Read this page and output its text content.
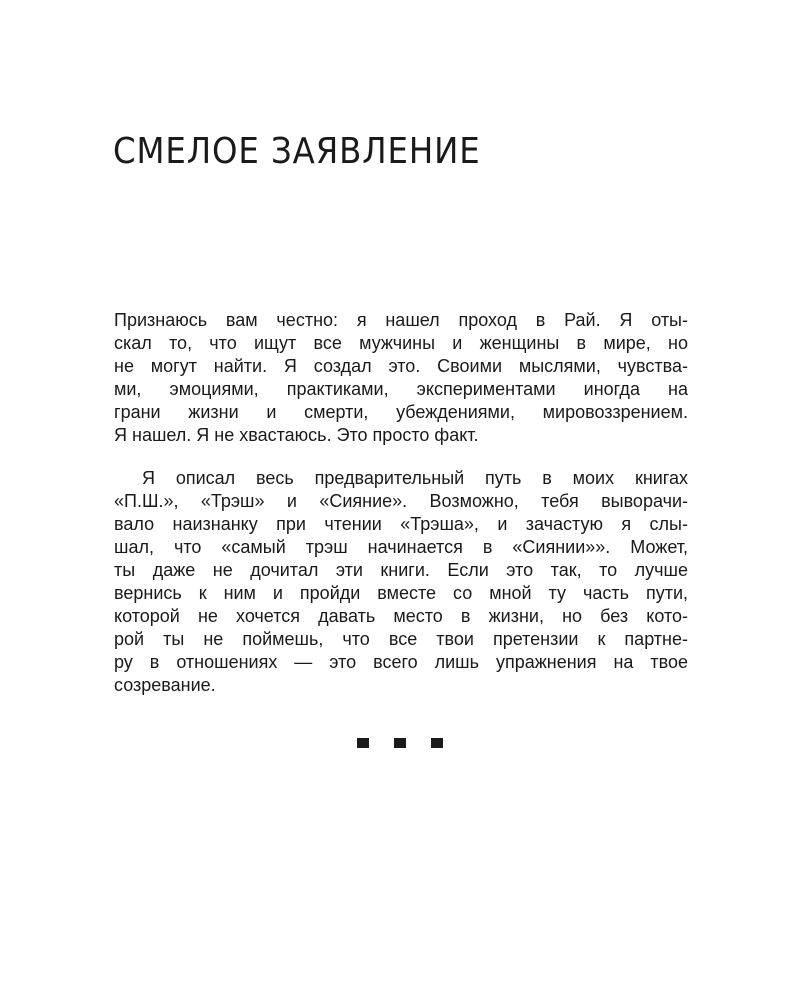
СМЕЛОЕ ЗАЯВЛЕНИЕ
Признаюсь вам честно: я нашел проход в Рай. Я оты-
скал то, что ищут все мужчины и женщины в мире, но
не могут найти. Я создал это. Своими мыслями, чувства-
ми, эмоциями, практиками, экспериментами иногда на
грани жизни и смерти, убеждениями, мировоззрением.
Я нашел. Я не хвастаюсь. Это просто факт.
Я описал весь предварительный путь в моих книгах
«П.Ш.», «Трэш» и «Сияние». Возможно, тебя выворачи-
вало наизнанку при чтении «Трэша», и зачастую я слы-
шал, что «самый трэш начинается в «Сиянии»». Может,
ты даже не дочитал эти книги. Если это так, то лучше
вернись к ним и пройди вместе со мной ту часть пути,
которой не хочется давать место в жизни, но без кото-
рой ты не поймешь, что все твои претензии к партне-
ру в отношениях — это всего лишь упражнения на твое
созревание.
